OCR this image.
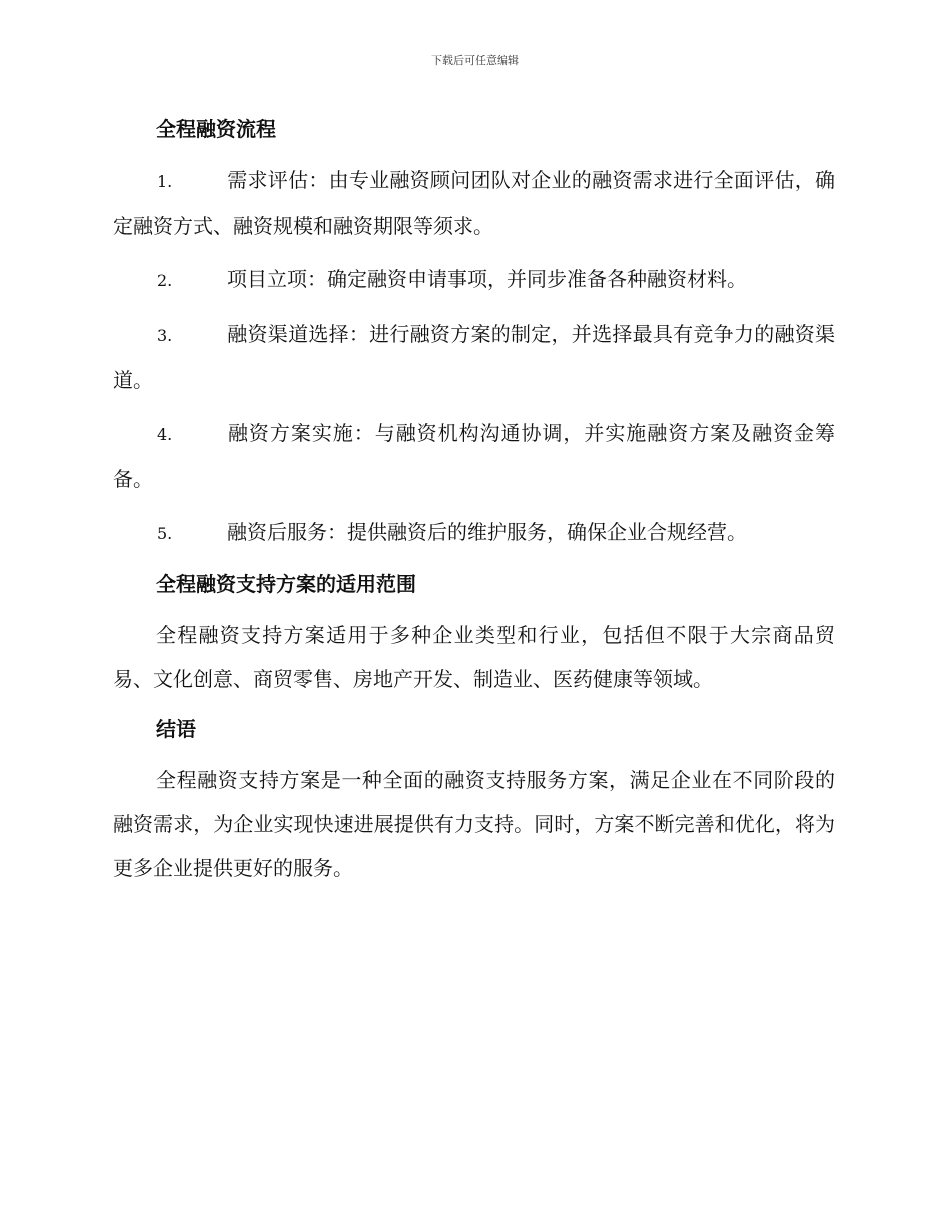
下载后可任意编辑
全程融资流程
1.	需求评估：由专业融资顾问团队对企业的融资需求进行全面评估，确定融资方式、融资规模和融资期限等须求。
2.	项目立项：确定融资申请事项，并同步准备各种融资材料。
3.	融资渠道选择：进行融资方案的制定，并选择最具有竞争力的融资渠道。
4.	融资方案实施：与融资机构沟通协调，并实施融资方案及融资金筹备。
5.	融资后服务：提供融资后的维护服务，确保企业合规经营。
全程融资支持方案的适用范围
全程融资支持方案适用于多种企业类型和行业，包括但不限于大宗商品贸易、文化创意、商贸零售、房地产开发、制造业、医药健康等领域。
结语
全程融资支持方案是一种全面的融资支持服务方案，满足企业在不同阶段的融资需求，为企业实现快速进展提供有力支持。同时，方案不断完善和优化，将为更多企业提供更好的服务。
